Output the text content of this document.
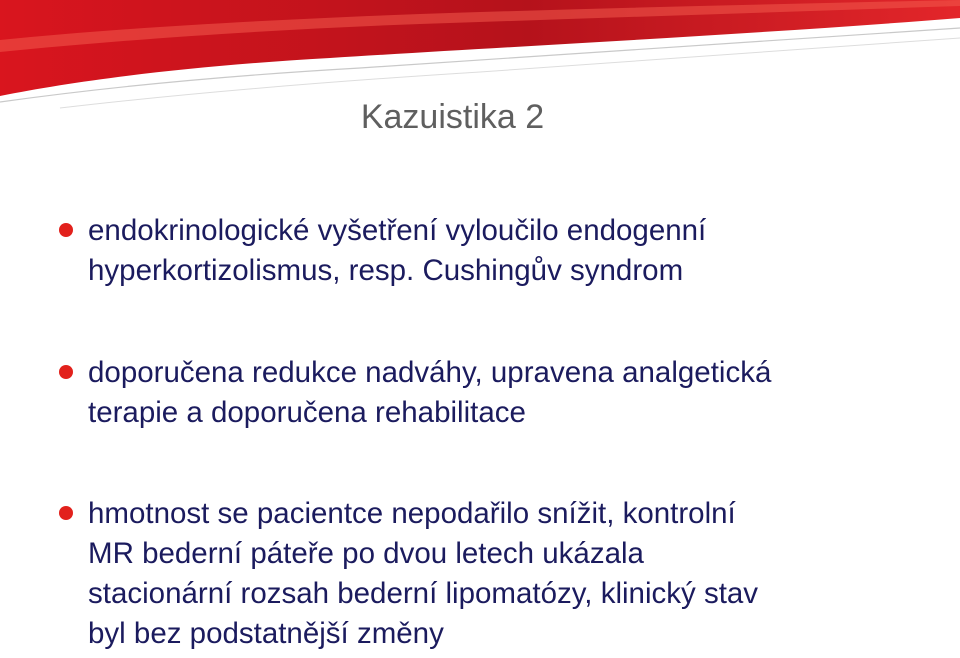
Kazuistika 2
endokrinologické vyšetření vyloučilo endogenní
hyperkortizolismus, resp. Cushingův syndrom
doporučena redukce nadváhy, upravena analgetická
terapie a doporučena rehabilitace
hmotnost se pacientce nepodařilo snížit, kontrolní
MR bederní páteře po dvou letech ukázala
stacionární rozsah bederní lipomatózy, klinický stav
byl bez podstatnější změny
